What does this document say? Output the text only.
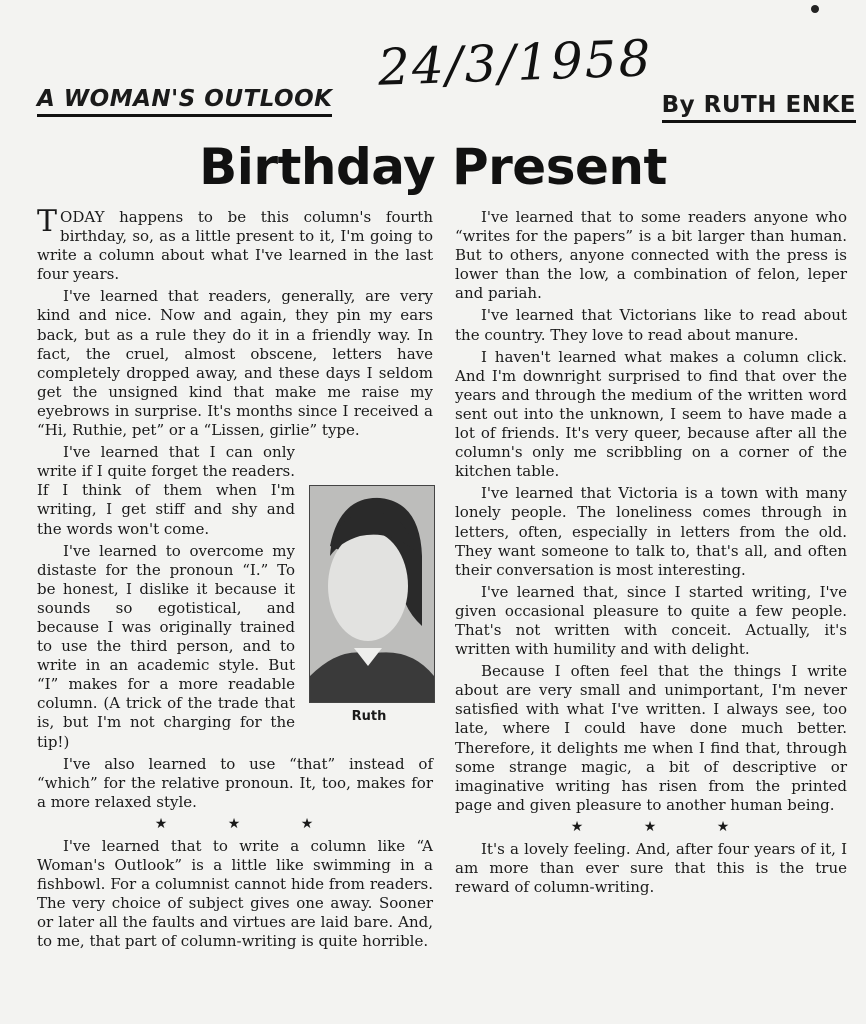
24/3/1958
A WOMAN'S OUTLOOK	By RUTH ENKE
Birthday Present

TODAY happens to be this column's fourth birthday, so, as a little present to it, I'm going to write a column about what I've learned in the last four years.

I've learned that readers, generally, are very kind and nice. Now and again, they pin my ears back, but as a rule they do it in a friendly way. In fact, the cruel, almost obscene, letters have completely dropped away, and these days I seldom get the unsigned kind that make me raise my eyebrows in surprise. It's months since I received a “Hi, Ruthie, pet” or a “Lissen, girlie” type.

Ruth

I've learned that I can only write if I quite forget the readers. If I think of them when I'm writing, I get stiff and shy and the words won't come.

I've learned to overcome my distaste for the pronoun “I.” To be honest, I dislike it because it sounds so egotistical, and because I was originally trained to use the third person, and to write in an academic style. But “I” makes for a more readable column. (A trick of the trade that is, but I'm not charging for the tip!)

I've also learned to use “that” instead of “which” for the relative pronoun. It, too, makes for a more relaxed style.

★ ★ ★

I've learned that to write a column like “A Woman's Outlook” is a little like swimming in a fishbowl. For a columnist cannot hide from readers. The very choice of subject gives one away. Sooner or later all the faults and virtues are laid bare. And, to me, that part of column-writing is quite horrible.

I've learned that to some readers anyone who “writes for the papers” is a bit larger than human. But to others, anyone connected with the press is lower than the low, a combination of felon, leper and pariah.

I've learned that Victorians like to read about the country. They love to read about manure.

I haven't learned what makes a column click. And I'm downright surprised to find that over the years and through the medium of the written word sent out into the unknown, I seem to have made a lot of friends. It's very queer, because after all the column's only me scribbling on a corner of the kitchen table.

I've learned that Victoria is a town with many lonely people. The loneliness comes through in letters, often, especially in letters from the old. They want someone to talk to, that's all, and often their conversation is most interesting.

I've learned that, since I started writing, I've given occasional pleasure to quite a few people. That's not written with conceit. Actually, it's written with humility and with delight.

Because I often feel that the things I write about are very small and unimportant, I'm never satisfied with what I've written. I always see, too late, where I could have done much better. Therefore, it delights me when I find that, through some strange magic, a bit of descriptive or imaginative writing has risen from the printed page and given pleasure to another human being.

★ ★ ★

It's a lovely feeling. And, after four years of it, I am more than ever sure that this is the true reward of column-writing.
